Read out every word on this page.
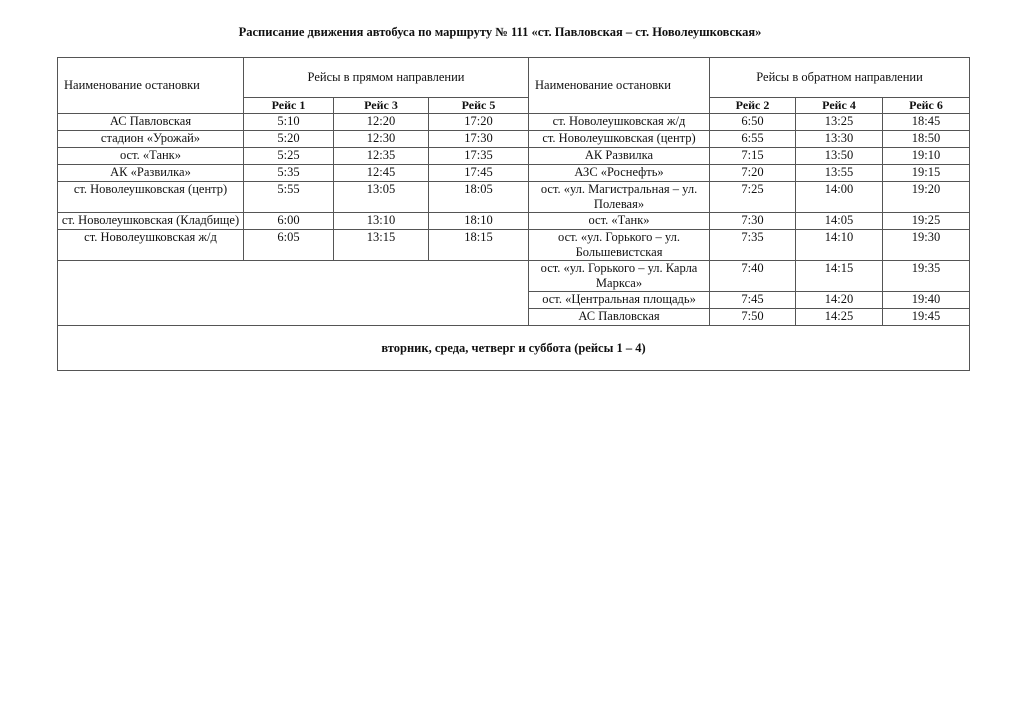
Расписание движения автобуса по маршруту № 111 «ст. Павловская – ст. Новолеушковская»
Наименование остановки	Рейсы в прямом направлении			Наименование остановки	Рейсы в обратном направлении		
	Рейс 1	Рейс 3	Рейс 5		Рейс 2	Рейс 4	Рейс 6
АС Павловская	5:10	12:20	17:20	ст. Новолеушковская ж/д	6:50	13:25	18:45
стадион «Урожай»	5:20	12:30	17:30	ст. Новолеушковская (центр)	6:55	13:30	18:50
ост. «Танк»	5:25	12:35	17:35	АК Развилка	7:15	13:50	19:10
АК «Развилка»	5:35	12:45	17:45	АЗС «Роснефть»	7:20	13:55	19:15
ст. Новолеушковская (центр)	5:55	13:05	18:05	ост. «ул. Магистральная – ул. Полевая»	7:25	14:00	19:20
ст. Новолеушковская (Кладбище)	6:00	13:10	18:10	ост. «Танк»	7:30	14:05	19:25
ст. Новолеушковская ж/д	6:05	13:15	18:15	ост. «ул. Горького – ул. Большевистская	7:35	14:10	19:30
				ост. «ул. Горького – ул. Карла Маркса»	7:40	14:15	19:35
				ост. «Центральная площадь»	7:45	14:20	19:40
				АС Павловская	7:50	14:25	19:45
вторник, среда, четверг и суббота (рейсы 1 – 4)							
